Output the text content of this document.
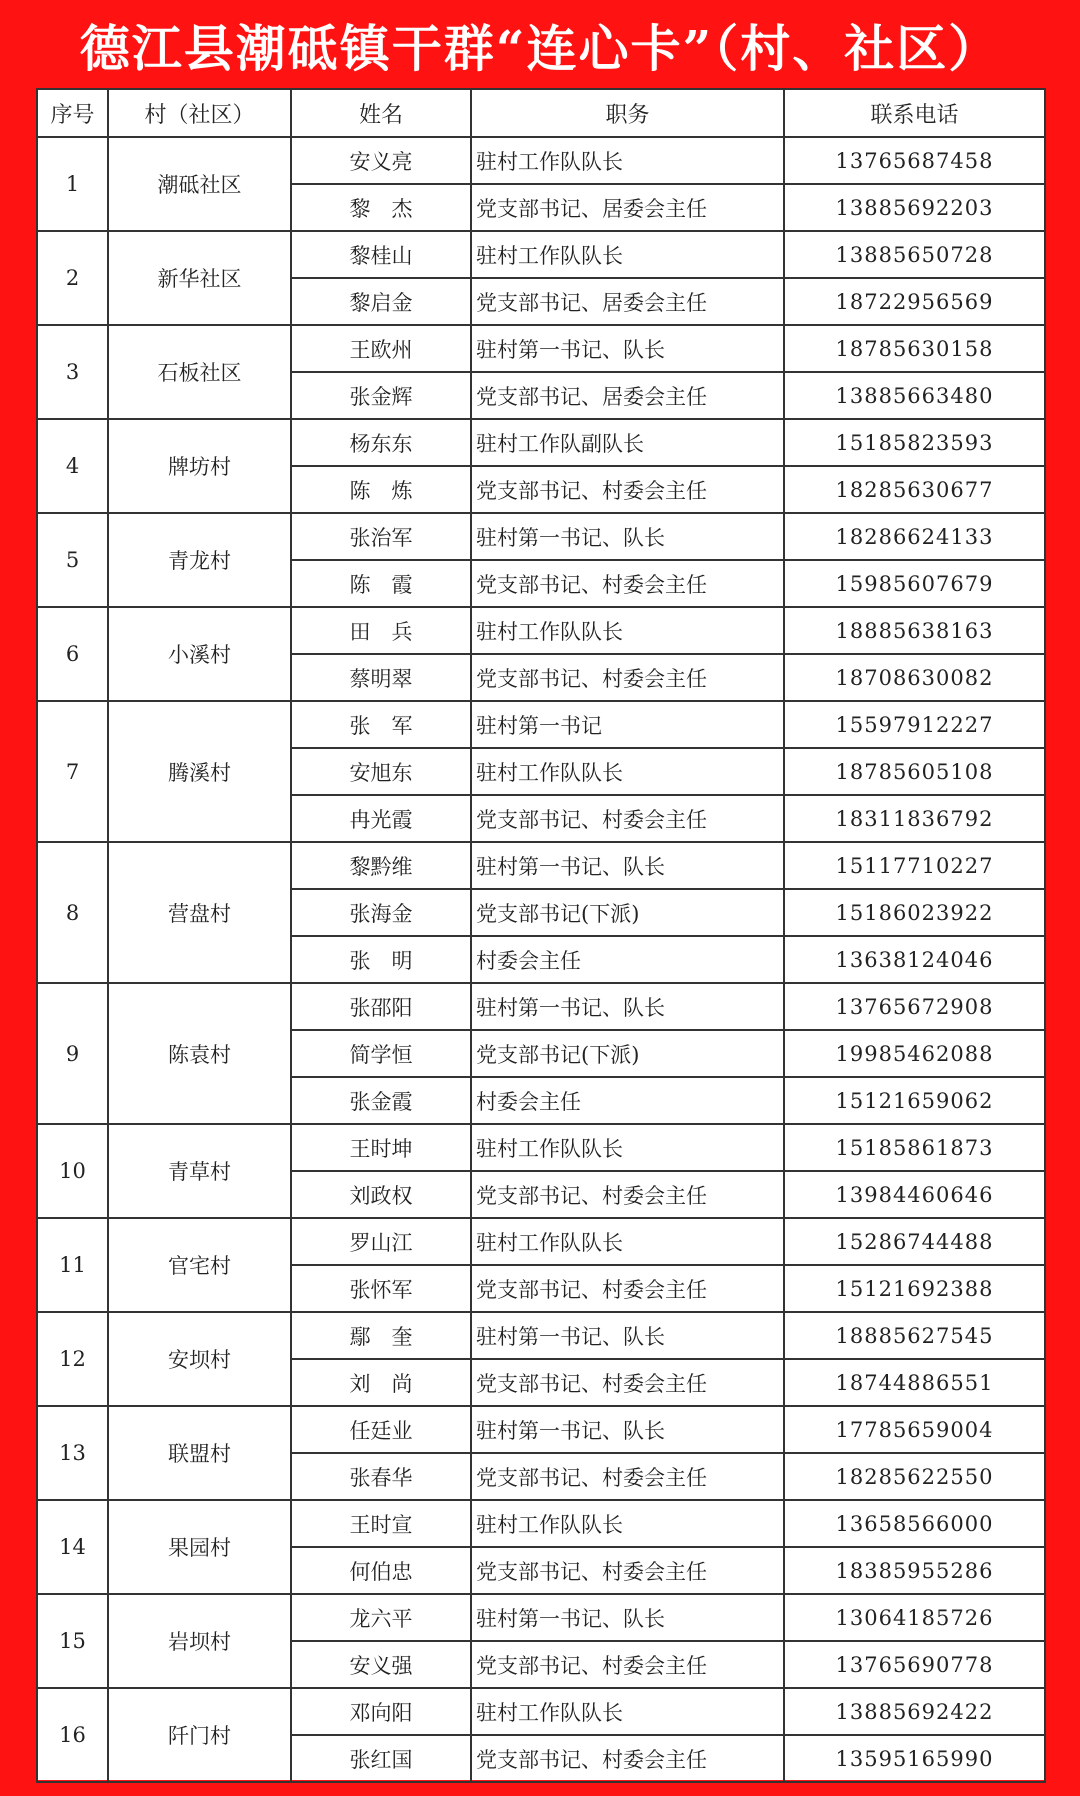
德江县潮砥镇干群“连心卡”（村、社区）
序号	村（社区）	姓名	职务	联系电话
1	潮砥社区	安义亮	驻村工作队队长	13765687458
		黎　杰	党支部书记、居委会主任	13885692203
2	新华社区	黎桂山	驻村工作队队长	13885650728
		黎启金	党支部书记、居委会主任	18722956569
3	石板社区	王欧州	驻村第一书记、队长	18785630158
		张金辉	党支部书记、居委会主任	13885663480
4	牌坊村	杨东东	驻村工作队副队长	15185823593
		陈　炼	党支部书记、村委会主任	18285630677
5	青龙村	张治军	驻村第一书记、队长	18286624133
		陈　霞	党支部书记、村委会主任	15985607679
6	小溪村	田　兵	驻村工作队队长	18885638163
		蔡明翠	党支部书记、村委会主任	18708630082
7	腾溪村	张　军	驻村第一书记	15597912227
		安旭东	驻村工作队队长	18785605108
		冉光霞	党支部书记、村委会主任	18311836792
8	营盘村	黎黔维	驻村第一书记、队长	15117710227
		张海金	党支部书记(下派)	15186023922
		张　明	村委会主任	13638124046
9	陈袁村	张邵阳	驻村第一书记、队长	13765672908
		简学恒	党支部书记(下派)	19985462088
		张金霞	村委会主任	15121659062
10	青草村	王时坤	驻村工作队队长	15185861873
		刘政权	党支部书记、村委会主任	13984460646
11	官宅村	罗山江	驻村工作队队长	15286744488
		张怀军	党支部书记、村委会主任	15121692388
12	安坝村	鄢　奎	驻村第一书记、队长	18885627545
		刘　尚	党支部书记、村委会主任	18744886551
13	联盟村	任廷业	驻村第一书记、队长	17785659004
		张春华	党支部书记、村委会主任	18285622550
14	果园村	王时宣	驻村工作队队长	13658566000
		何伯忠	党支部书记、村委会主任	18385955286
15	岩坝村	龙六平	驻村第一书记、队长	13064185726
		安义强	党支部书记、村委会主任	13765690778
16	阡门村	邓向阳	驻村工作队队长	13885692422
		张红国	党支部书记、村委会主任	13595165990
